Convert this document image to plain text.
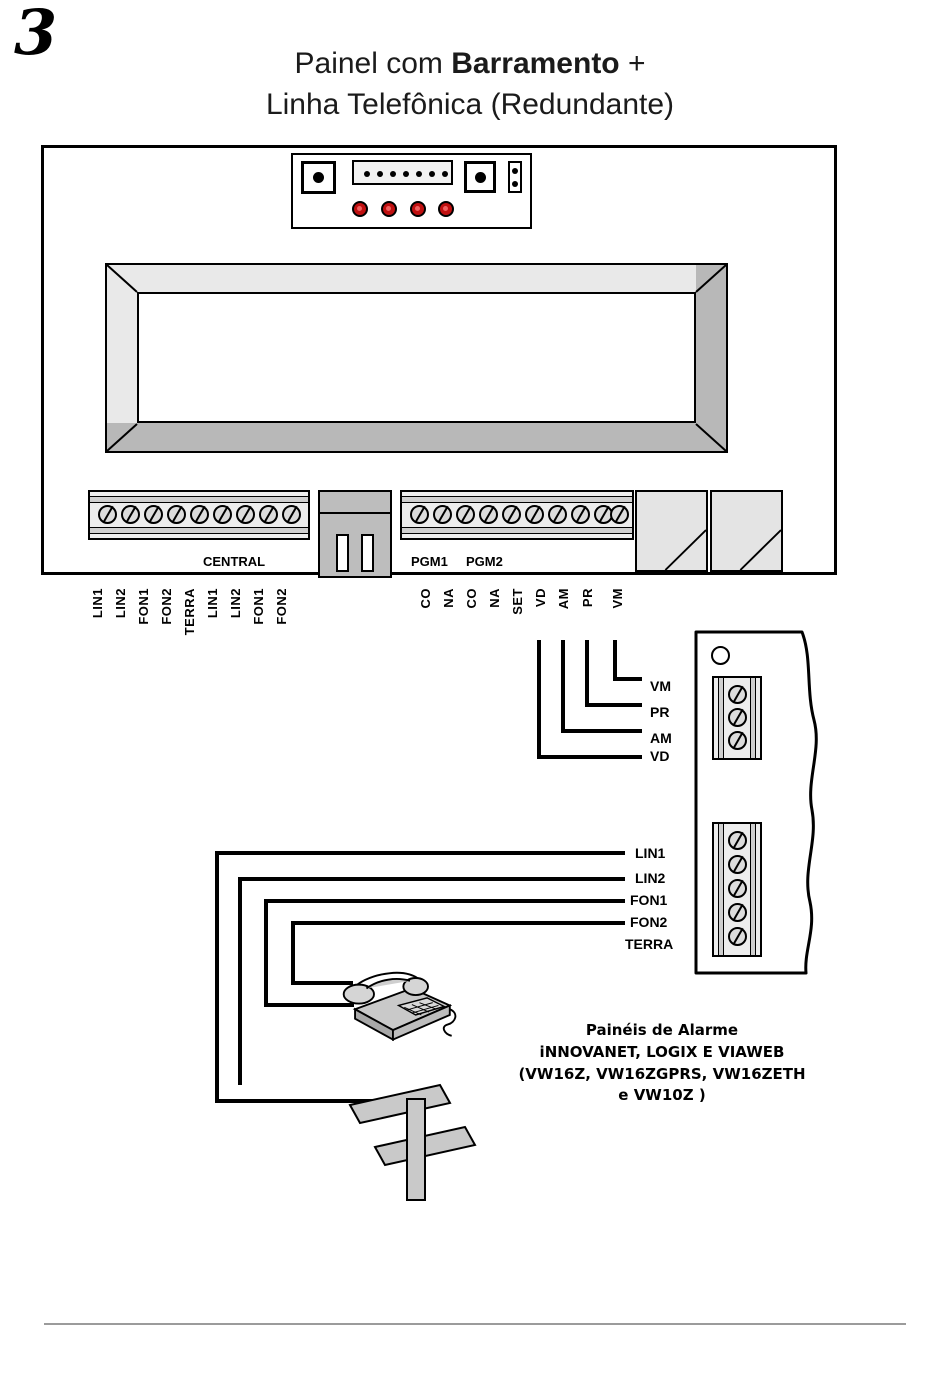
3	Painel com Barramento +
Linha Telefônica (Redundante)
CENTRAL	PGM1 PGM2
LIN1 LIN2 FON1 FON2 TERRA LIN1 LIN2 FON1 FON2	CO NA CO NA SET VD AM PR VM
VM
PR
AM
VD
LIN1
LIN2
FON1
FON2
TERRA
Painéis de Alarme
iNNOVANET, LOGIX E VIAWEB
(VW16Z, VW16ZGPRS, VW16ZETH
e VW10Z )
